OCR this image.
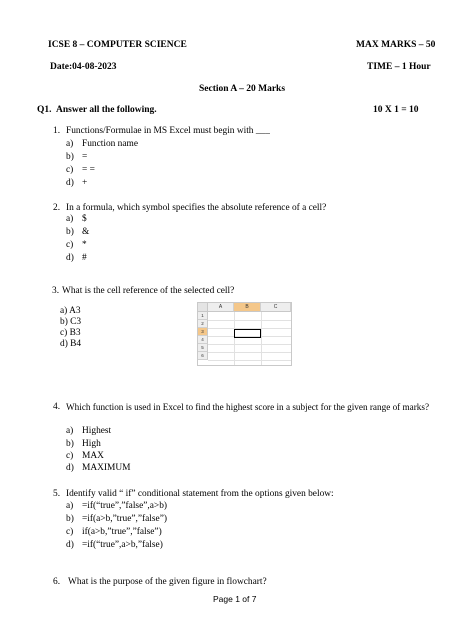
ICSE 8 – COMPUTER SCIENCE	MAX MARKS – 50
Date:04-08-2023	TIME – 1 Hour
Section A – 20 Marks
Q1. Answer all the following.	10 X 1 = 10
1. Functions/Formulae in MS Excel must begin with ___
a) Function name
b) =
c) = =
d) +
2. In a formula, which symbol specifies the absolute reference of a cell?
a) $
b) &
c) *
d) #
3. What is the cell reference of the selected cell?
a) A3
b) C3
c) B3
d) B4
A	B	C
1
2
3
4
5
6
4. Which function is used in Excel to find the highest score in a subject for the given range of marks?
a) Highest
b) High
c) MAX
d) MAXIMUM
5. Identify valid “ if” conditional statement from the options given below:
a) =if(“true”,”false”,a>b)
b) =if(a>b,”true”,”false”)
c) if(a>b,”true”,”false”)
d) =if(“true”,a>b,”false)
6. What is the purpose of the given figure in flowchart?
Page 1 of 7
